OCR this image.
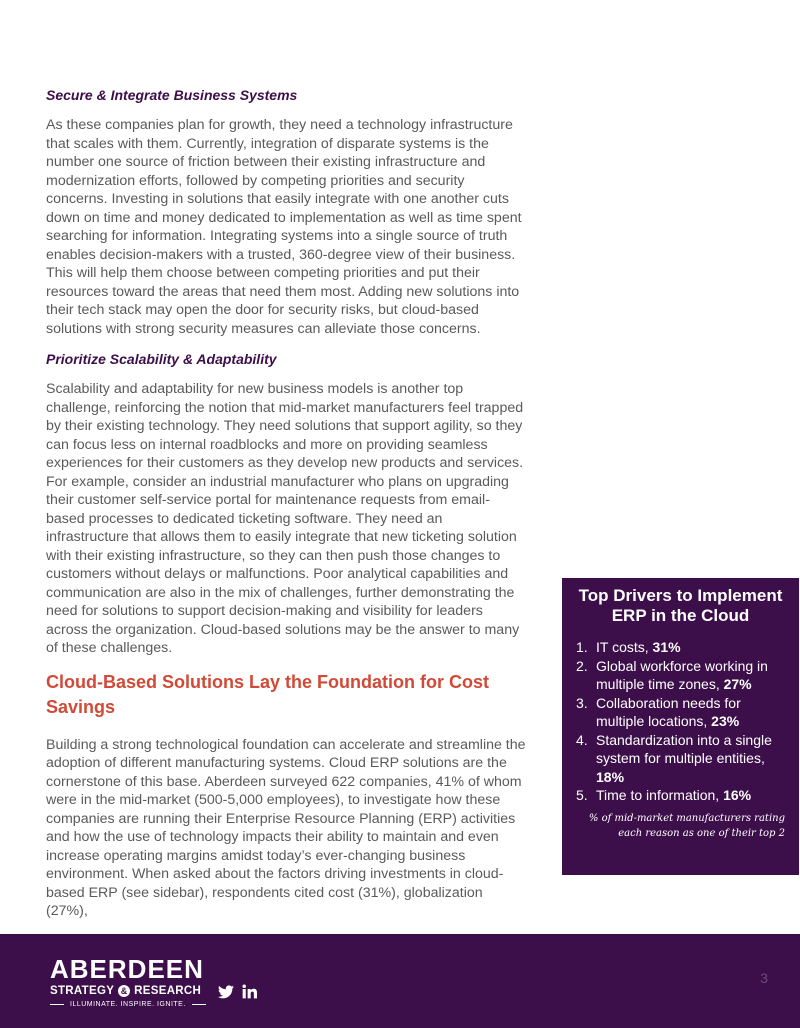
Secure & Integrate Business Systems

As these companies plan for growth, they need a technology infrastructure that scales with them. Currently, integration of disparate systems is the number one source of friction between their existing infrastructure and modernization efforts, followed by competing priorities and security concerns. Investing in solutions that easily integrate with one another cuts down on time and money dedicated to implementation as well as time spent searching for information. Integrating systems into a single source of truth enables decision-makers with a trusted, 360-degree view of their business. This will help them choose between competing priorities and put their resources toward the areas that need them most. Adding new solutions into their tech stack may open the door for security risks, but cloud-based solutions with strong security measures can alleviate those concerns.

Prioritize Scalability & Adaptability

Scalability and adaptability for new business models is another top challenge, reinforcing the notion that mid-market manufacturers feel trapped by their existing technology. They need solutions that support agility, so they can focus less on internal roadblocks and more on providing seamless experiences for their customers as they develop new products and services. For example, consider an industrial manufacturer who plans on upgrading their customer self-service portal for maintenance requests from email-based processes to dedicated ticketing software. They need an infrastructure that allows them to easily integrate that new ticketing solution with their existing infrastructure, so they can then push those changes to customers without delays or malfunctions. Poor analytical capabilities and communication are also in the mix of challenges, further demonstrating the need for solutions to support decision-making and visibility for leaders across the organization. Cloud-based solutions may be the answer to many of these challenges.

Cloud-Based Solutions Lay the Foundation for Cost Savings

Building a strong technological foundation can accelerate and streamline the adoption of different manufacturing systems. Cloud ERP solutions are the cornerstone of this base. Aberdeen surveyed 622 companies, 41% of whom were in the mid-market (500-5,000 employees), to investigate how these companies are running their Enterprise Resource Planning (ERP) activities and how the use of technology impacts their ability to maintain and even increase operating margins amidst today’s ever-changing business environment. When asked about the factors driving investments in cloud-based ERP (see sidebar), respondents cited cost (31%), globalization (27%),

Top Drivers to Implement ERP in the Cloud
1. IT costs, 31%
2. Global workforce working in multiple time zones, 27%
3. Collaboration needs for multiple locations, 23%
4. Standardization into a single system for multiple entities, 18%
5. Time to information, 16%
% of mid-market manufacturers rating each reason as one of their top 2
ABERDEEN
STRATEGY & RESEARCH
ILLUMINATE. INSPIRE. IGNITE.
3
